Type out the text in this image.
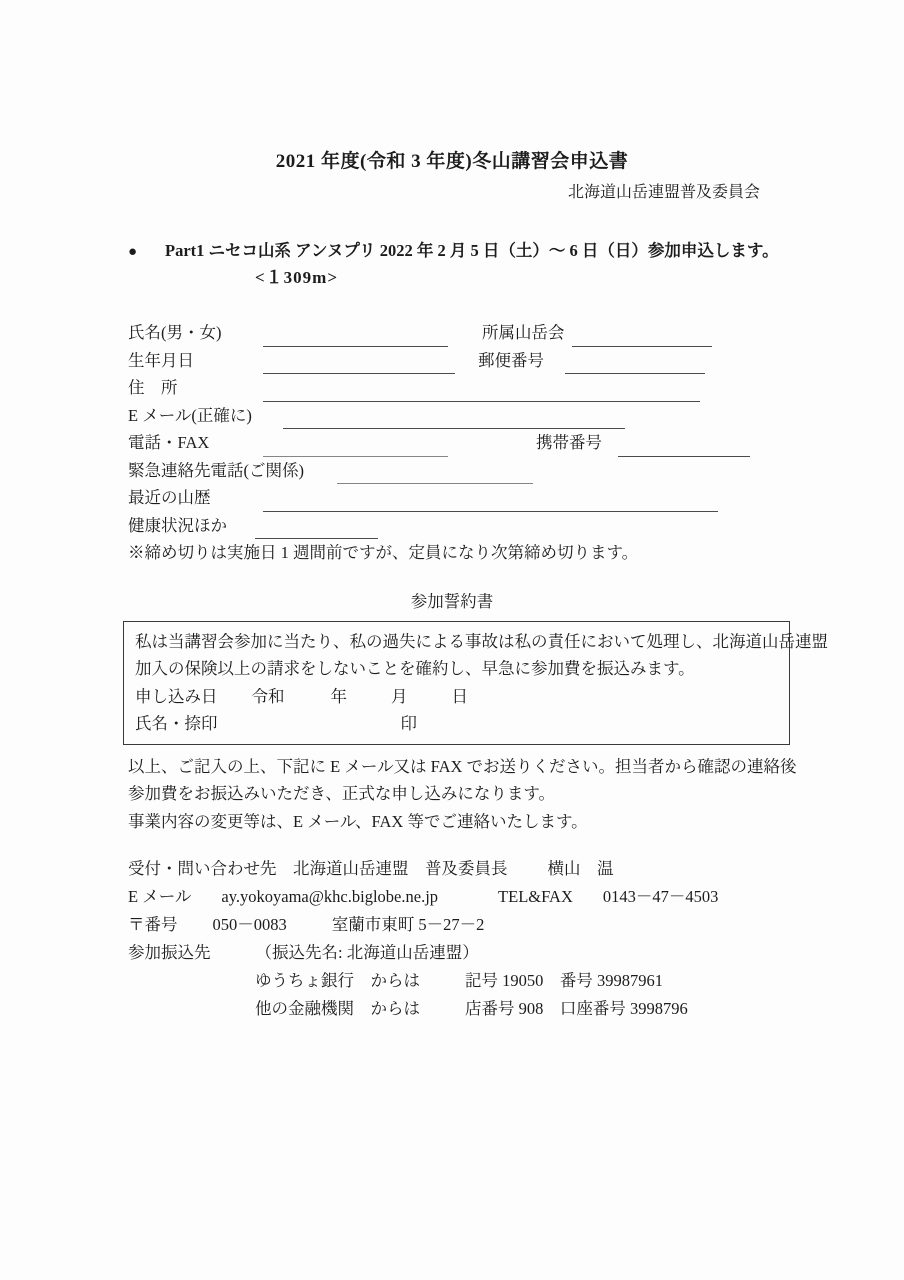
2021 年度(令和 3 年度)冬山講習会申込書
北海道山岳連盟普及委員会
● Part1 ニセコ山系 アンヌプリ 2022 年 2 月 5 日（土）～ 6 日（日）参加申込します。
<１309m>
氏名(男・女)	所属山岳会
生年月日	郵便番号
住　所
E メール(正確に)
電話・FAX	携帯番号
緊急連絡先電話(ご関係)
最近の山歴
健康状況ほか
※締め切りは実施日 1 週間前ですが、定員になり次第締め切ります。
参加誓約書
私は当講習会参加に当たり、私の過失による事故は私の責任において処理し、北海道山岳連盟
加入の保険以上の請求をしないことを確約し、早急に参加費を振込みます。
申し込み日 令和	年	月	日
氏名・捺印	印
以上、ご記入の上、下記に E メール又は FAX でお送りください。担当者から確認の連絡後
参加費をお振込みいただき、正式な申し込みになります。
事業内容の変更等は、E メール、FAX 等でご連絡いたします。
受付・問い合わせ先　北海道山岳連盟　普及委員長 横山　温
E メール ay.yokoyama@khc.biglobe.ne.jp	TEL&FAX 0143－47－4503
〒番号 050－0083	室蘭市東町 5－27－2
参加振込先	（振込先名: 北海道山岳連盟）
ゆうちょ銀行　からは	記号 19050　番号 39987961
他の金融機関　からは	店番号 908　口座番号 3998796
